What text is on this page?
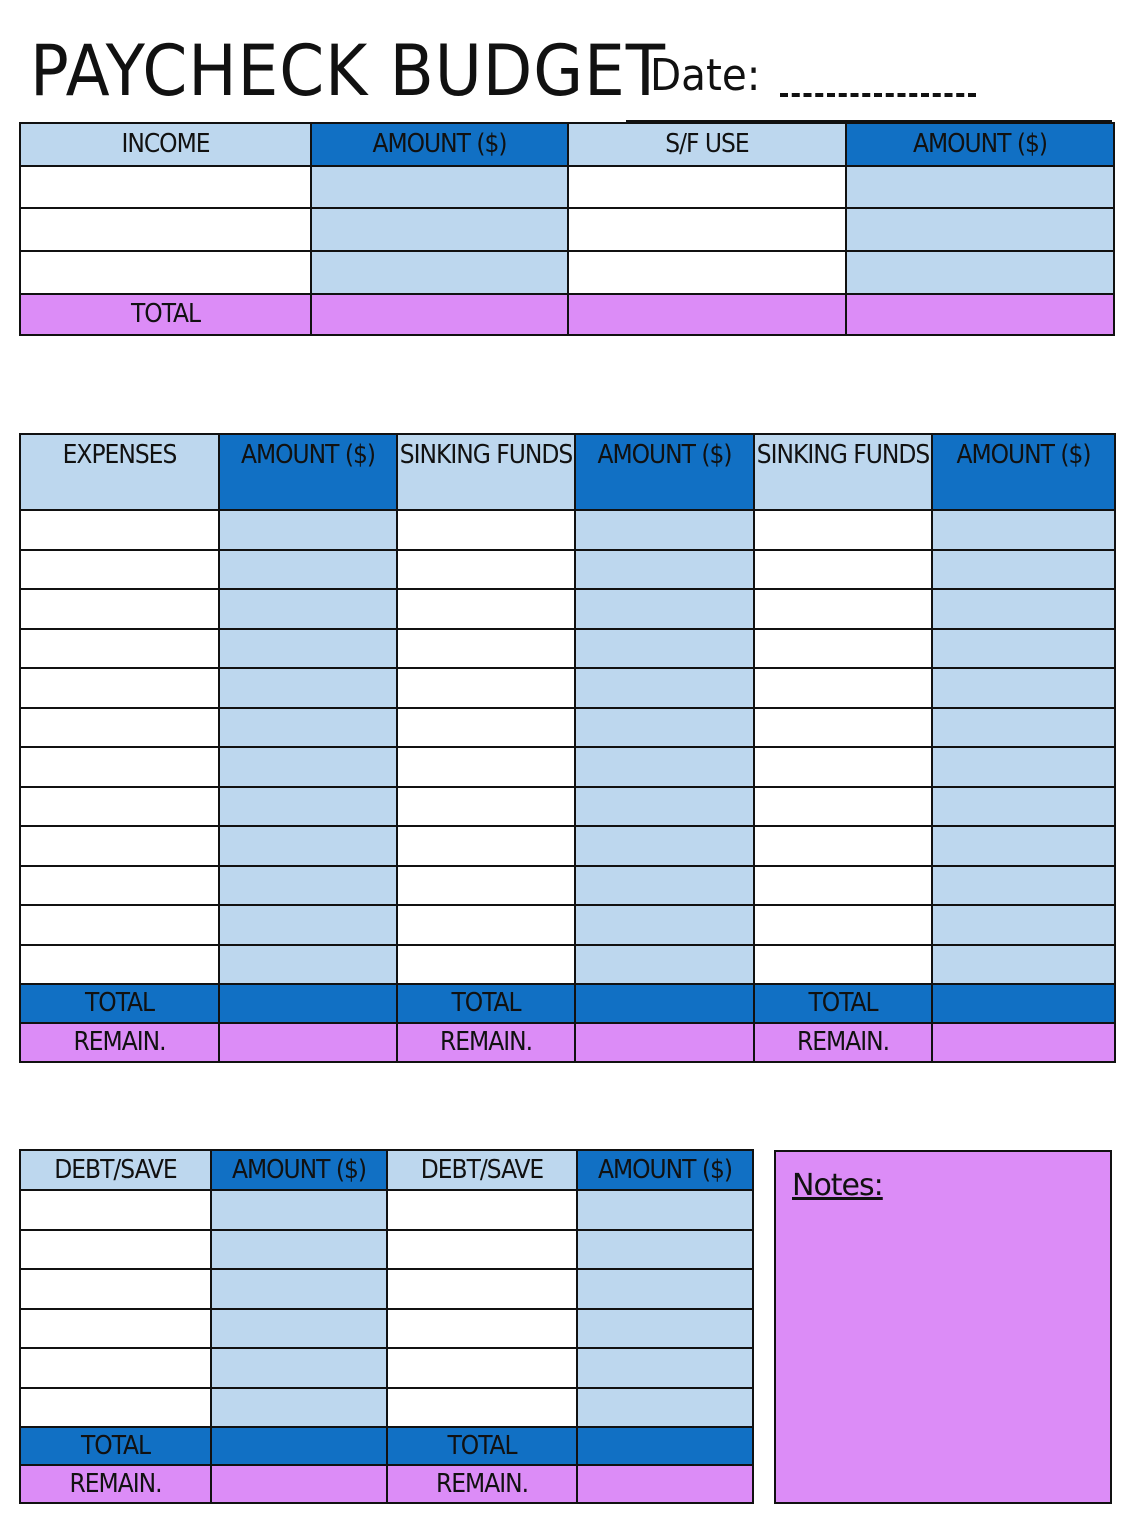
PAYCHECK BUDGET
Date:
INCOME	AMOUNT ($)	S/F USE	AMOUNT ($)

TOTAL			
EXPENSES	AMOUNT ($)	SINKING FUNDS	AMOUNT ($)	SINKING FUNDS	AMOUNT ($)

TOTAL		TOTAL		TOTAL	
REMAIN.		REMAIN.		REMAIN.	
DEBT/SAVE	AMOUNT ($)	DEBT/SAVE	AMOUNT ($)

TOTAL		TOTAL	
REMAIN.		REMAIN.	
Notes:
